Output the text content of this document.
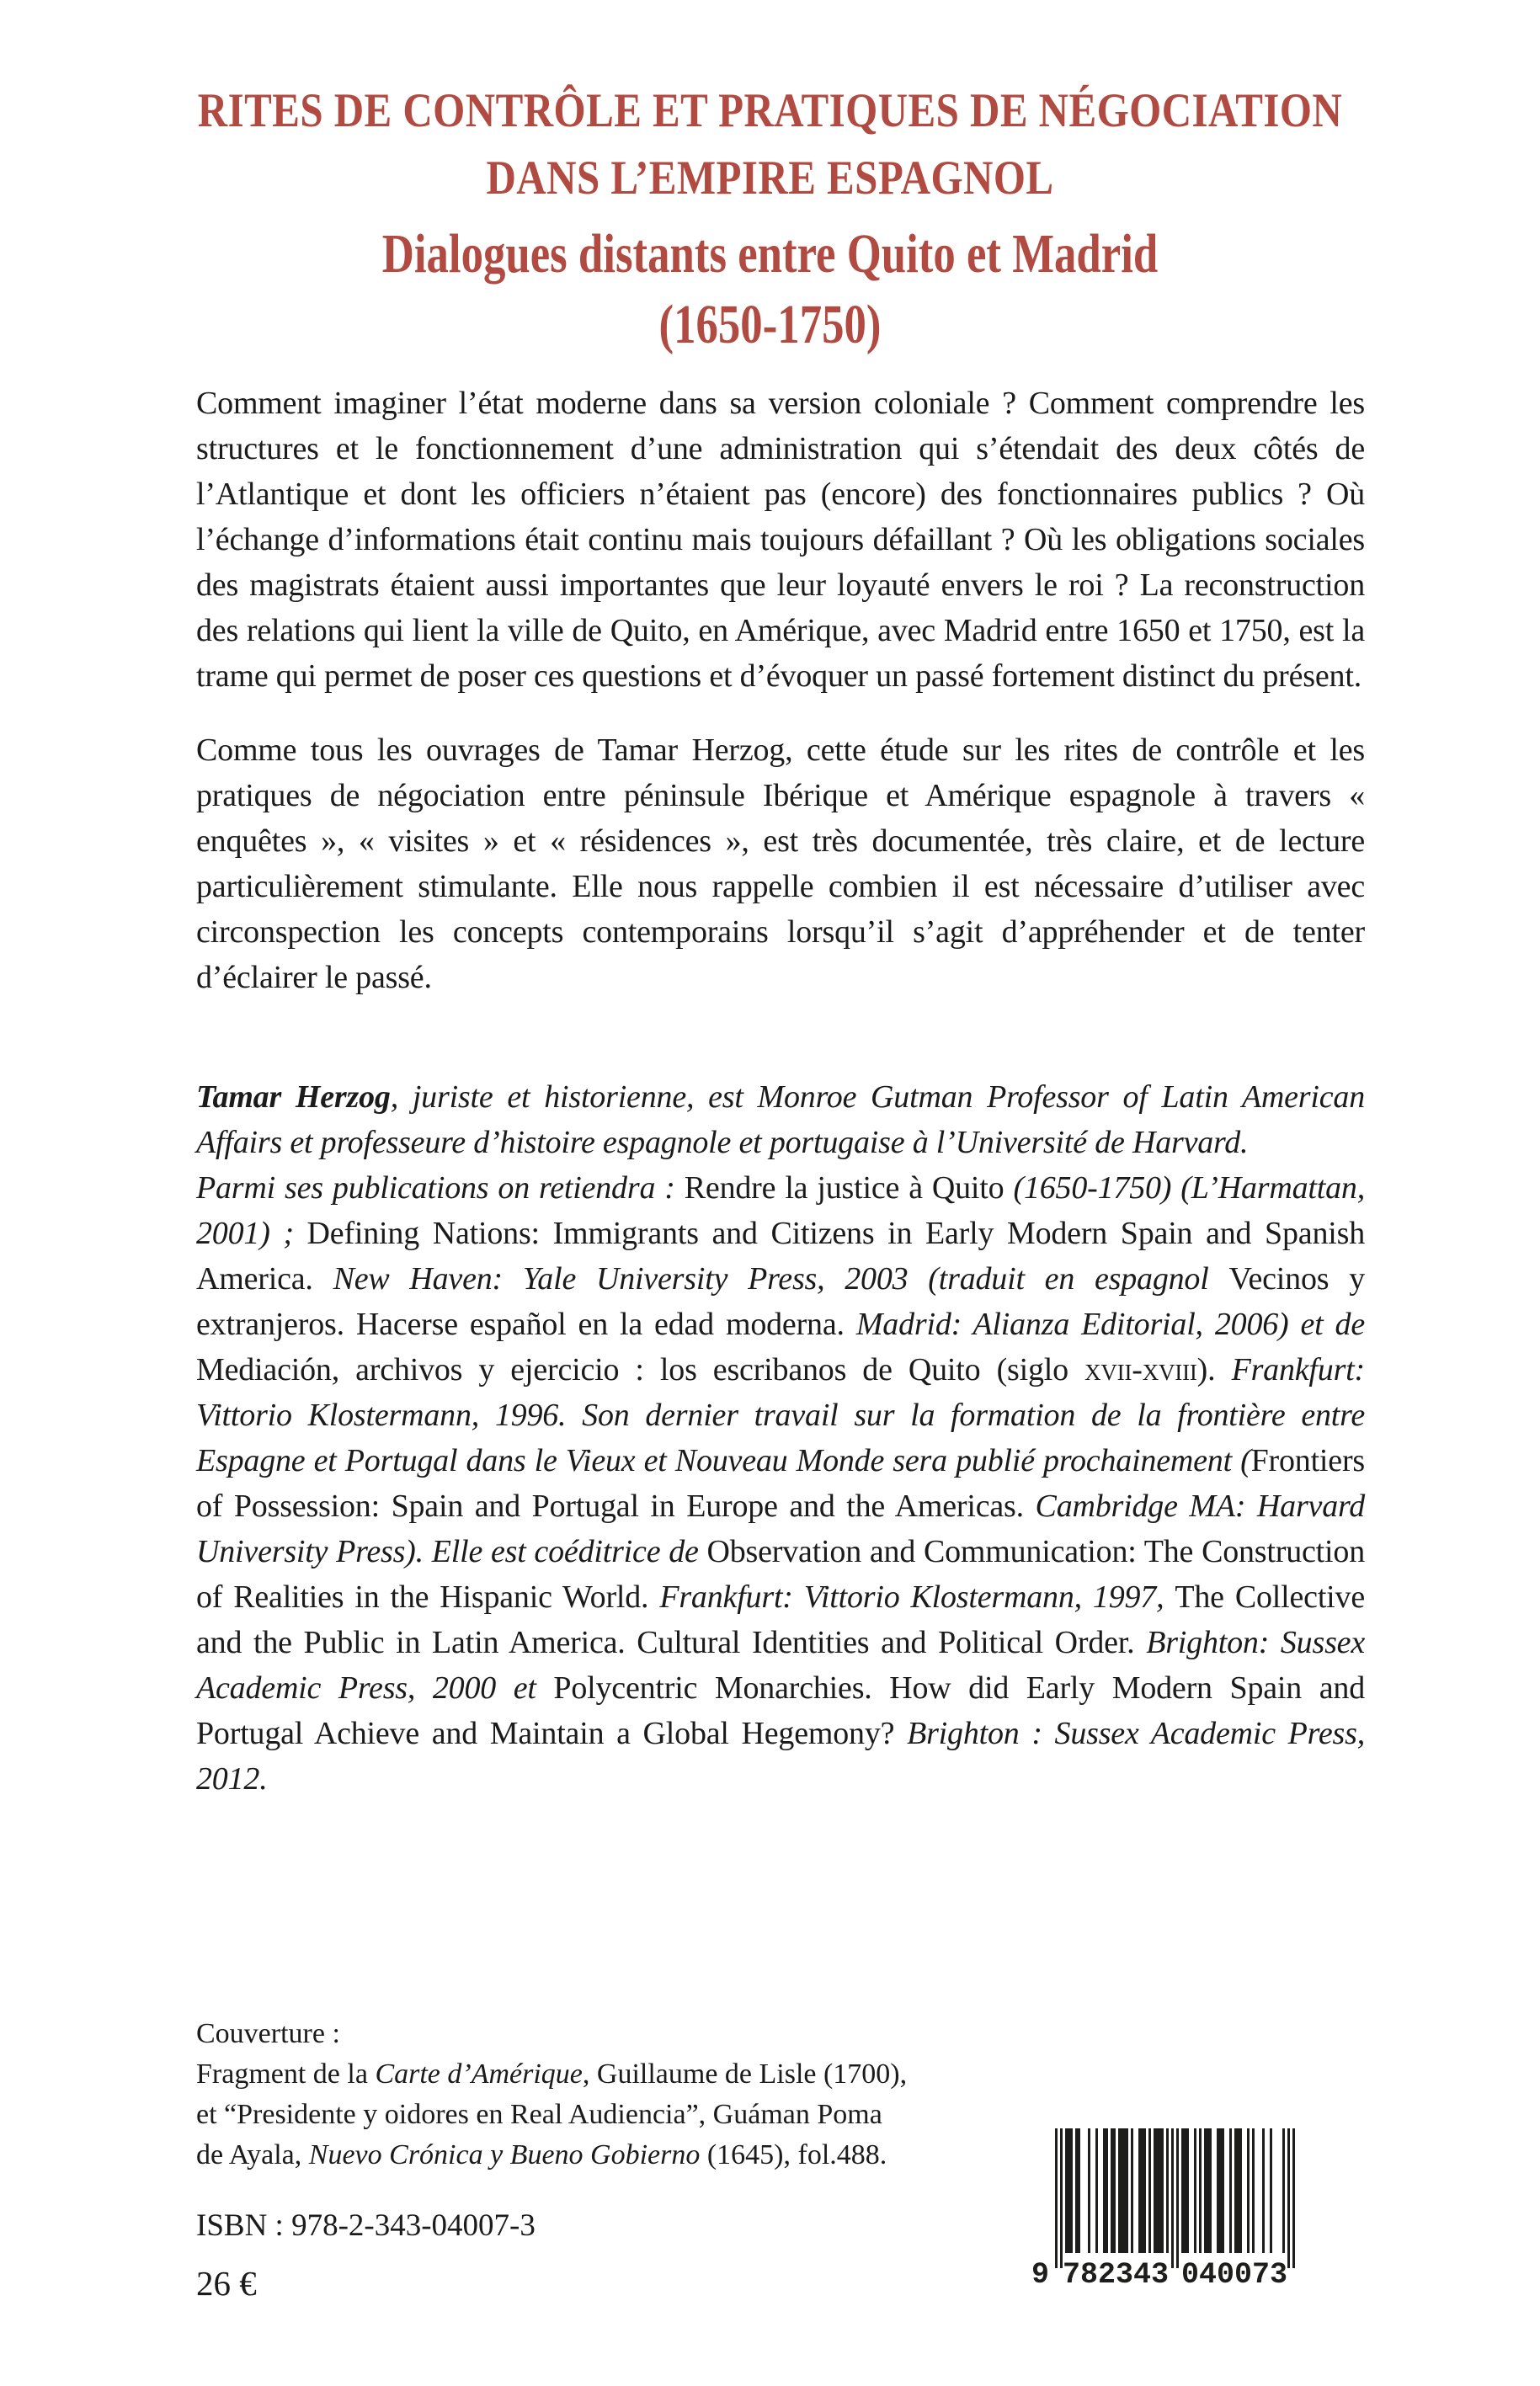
RITES DE CONTRÔLE ET PRATIQUES DE NÉGOCIATION
DANS L’EMPIRE ESPAGNOL
Dialogues distants entre Quito et Madrid
(1650-1750)

Comment imaginer l’état moderne dans sa version coloniale ? Comment comprendre les structures et le fonctionnement d’une administration qui s’étendait des deux côtés de l’Atlantique et dont les officiers n’étaient pas (encore) des fonctionnaires publics ? Où l’échange d’informations était continu mais toujours défaillant ? Où les obligations sociales des magistrats étaient aussi importantes que leur loyauté envers le roi ? La reconstruction des relations qui lient la ville de Quito, en Amérique, avec Madrid entre 1650 et 1750, est la trame qui permet de poser ces questions et d’évoquer un passé fortement distinct du présent.

Comme tous les ouvrages de Tamar Herzog, cette étude sur les rites de contrôle et les pratiques de négociation entre péninsule Ibérique et Amérique espagnole à travers « enquêtes », « visites » et « résidences », est très documentée, très claire, et de lecture particulièrement stimulante. Elle nous rappelle combien il est nécessaire d’utiliser avec circonspection les concepts contemporains lorsqu’il s’agit d’appréhender et de tenter d’éclairer le passé.

Tamar Herzog, juriste et historienne, est Monroe Gutman Professor of Latin American Affairs et professeure d’histoire espagnole et portugaise à l’Université de Harvard.

Parmi ses publications on retiendra : Rendre la justice à Quito (1650-1750) (L’Harmattan, 2001) ; Defining Nations: Immigrants and Citizens in Early Modern Spain and Spanish America. New Haven: Yale University Press, 2003 (traduit en espagnol Vecinos y extranjeros. Hacerse español en la edad moderna. Madrid: Alianza Editorial, 2006) et de Mediación, archivos y ejercicio : los escribanos de Quito (siglo xvii-xviii). Frankfurt: Vittorio Klostermann, 1996. Son dernier travail sur la formation de la frontière entre Espagne et Portugal dans le Vieux et Nouveau Monde sera publié prochainement (Frontiers of Possession: Spain and Portugal in Europe and the Americas. Cambridge MA: Harvard University Press). Elle est coéditrice de Observation and Communication: The Construction of Realities in the Hispanic World. Frankfurt: Vittorio Klostermann, 1997, The Collective and the Public in Latin America. Cultural Identities and Political Order. Brighton: Sussex Academic Press, 2000 et Polycentric Monarchies. How did Early Modern Spain and Portugal Achieve and Maintain a Global Hegemony? Brighton : Sussex Academic Press, 2012.

Couverture :
Fragment de la Carte d’Amérique, Guillaume de Lisle (1700),
et “Presidente y oidores en Real Audiencia”, Guáman Poma
de Ayala, Nuevo Crónica y Bueno Gobierno (1645), fol.488.
ISBN : 978-2-343-04007-3
26 €	9 782343 040073
